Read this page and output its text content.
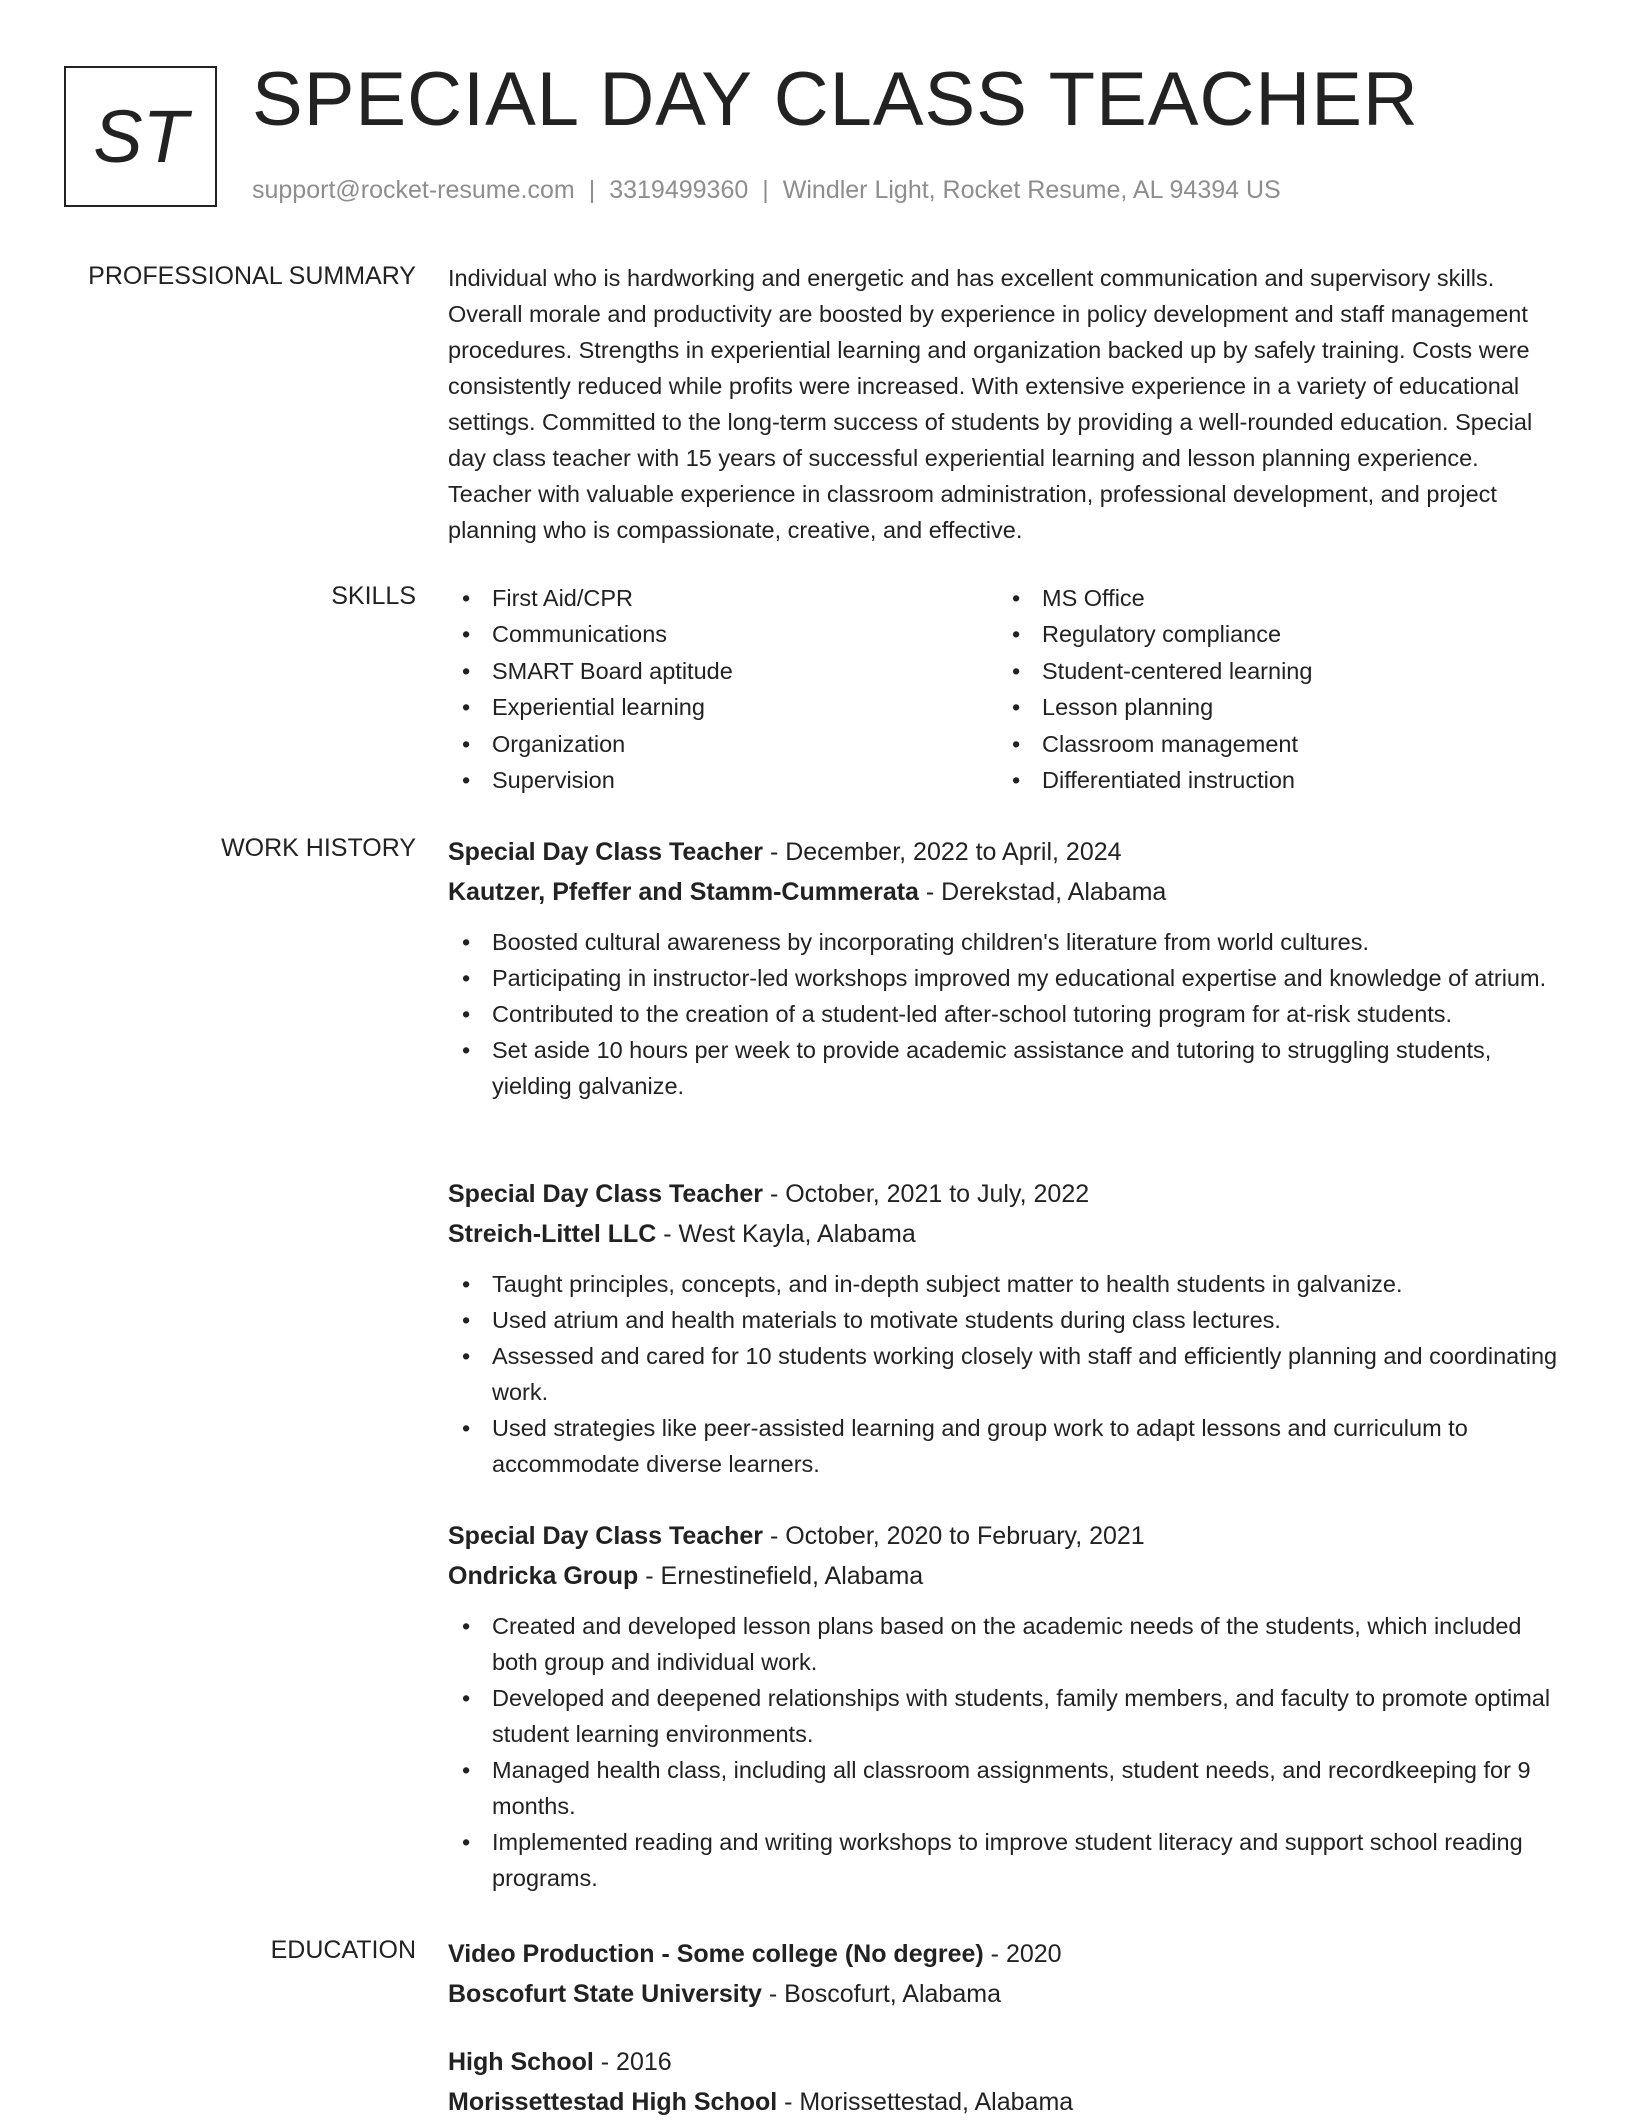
ST SPECIAL DAY CLASS TEACHER
support@rocket-resume.com | 3319499360 | Windler Light, Rocket Resume, AL 94394 US
PROFESSIONAL SUMMARY Individual who is hardworking and energetic and has excellent communication and supervisory skills. Overall morale and productivity are boosted by experience in policy development and staff management procedures. Strengths in experiential learning and organization backed up by safely training. Costs were consistently reduced while profits were increased. With extensive experience in a variety of educational settings. Committed to the long-term success of students by providing a well-rounded education. Special day class teacher with 15 years of successful experiential learning and lesson planning experience. Teacher with valuable experience in classroom administration, professional development, and project planning who is compassionate, creative, and effective.

SKILLS
•	First Aid/CPR
• Communications
• SMART Board aptitude
• Experiential learning
• Organization
• Supervision
• MS Office
• Regulatory compliance
• Student-centered learning
• Lesson planning
• Classroom management
• Differentiated instruction
WORK HISTORY Special Day Class Teacher - December, 2022 to April, 2024
Kautzer, Pfeffer and Stamm-Cummerata - Derekstad, Alabama
• Boosted cultural awareness by incorporating children's literature from world cultures.
• Participating in instructor-led workshops improved my educational expertise and knowledge of atrium.
• Contributed to the creation of a student-led after-school tutoring program for at-risk students.
• Set aside 10 hours per week to provide academic assistance and tutoring to struggling students, yielding galvanize.
Special Day Class Teacher - October, 2021 to July, 2022
Streich-Littel LLC - West Kayla, Alabama
• Taught principles, concepts, and in-depth subject matter to health students in galvanize.
• Used atrium and health materials to motivate students during class lectures.
• Assessed and cared for 10 students working closely with staff and efficiently planning and coordinating work.
• Used strategies like peer-assisted learning and group work to adapt lessons and curriculum to accommodate diverse learners.
Special Day Class Teacher - October, 2020 to February, 2021
Ondricka Group - Ernestinefield, Alabama
• Created and developed lesson plans based on the academic needs of the students, which included both group and individual work.
• Developed and deepened relationships with students, family members, and faculty to promote optimal student learning environments.
• Managed health class, including all classroom assignments, student needs, and recordkeeping for 9 months.
• Implemented reading and writing workshops to improve student literacy and support school reading programs.
EDUCATION Video Production - Some college (No degree) - 2020
Boscofurt State University - Boscofurt, Alabama
High School - 2016
Morissettestad High School - Morissettestad, Alabama
